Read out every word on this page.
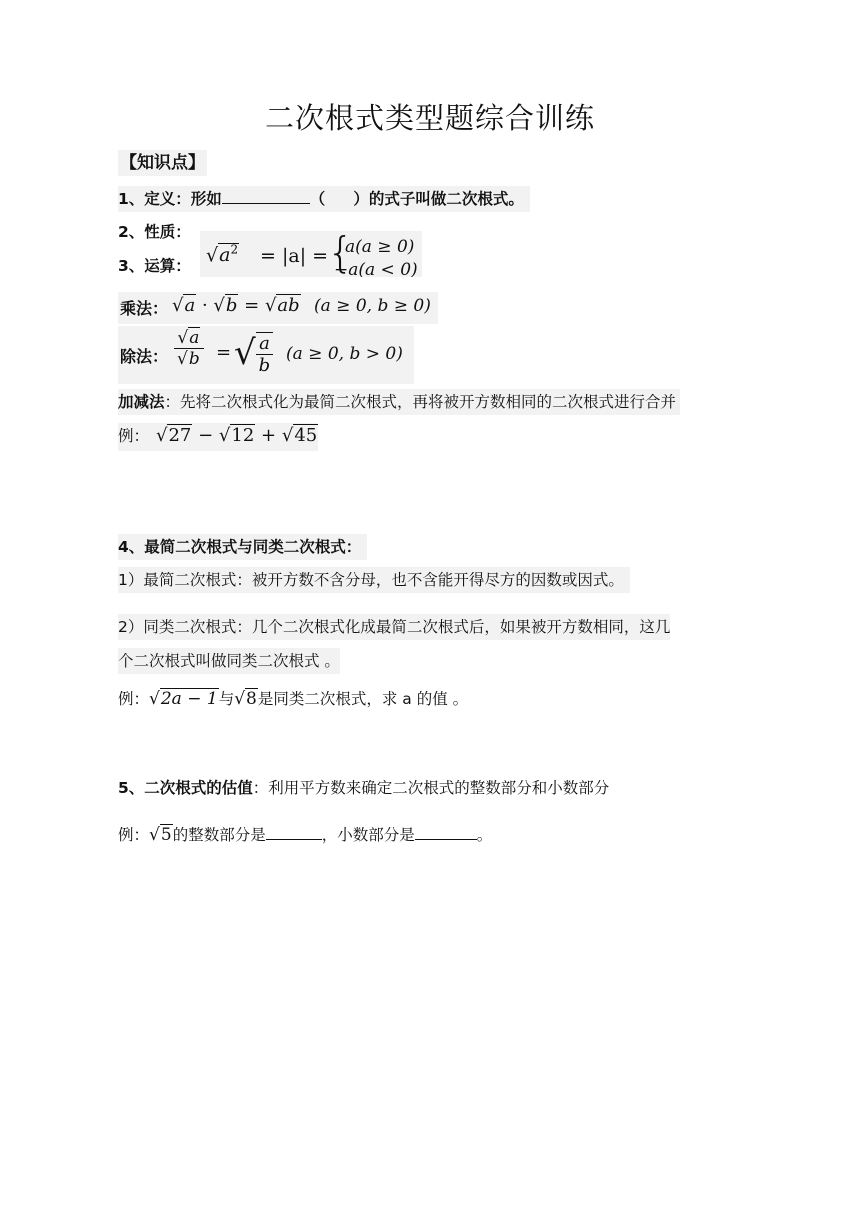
二次根式类型题综合训练
【知识点】
1、定义：形如	（ ）的式子叫做二次根式。
2、性质：
3、运算： $√a^2 = |a|$ =
{
a(a ≥ 0)
−a(a < 0)
乘法 ： √a · √b = √ab (a ≥ 0, b ≥ 0)
除法 ： $\frac{√a}{√b}$ = √ $\frac{a}{b} (a \ge 0$, b > 0)
加减法：先将二次根式化为最简二次根式，再将被开方数相同的二次根式进行合并
例： √27 − √12 + √45
4、最简二次根式与同类二次根式：
1）最简二次根式：被开方数不含分母，也不含能开得尽方的因数或因式。
2）同类二次根式：几个二次根式化成最简二次根式后，如果被开方数相同，这几
个二次根式叫做同类二次根式 。
例：√2a − 1与√8是同类二次根式，求 a 的值 。
5、二次根式的估值：利用平方数来确定二次根式的整数部分和小数部分
例：√5的整数部分是	，小数部分是	。
